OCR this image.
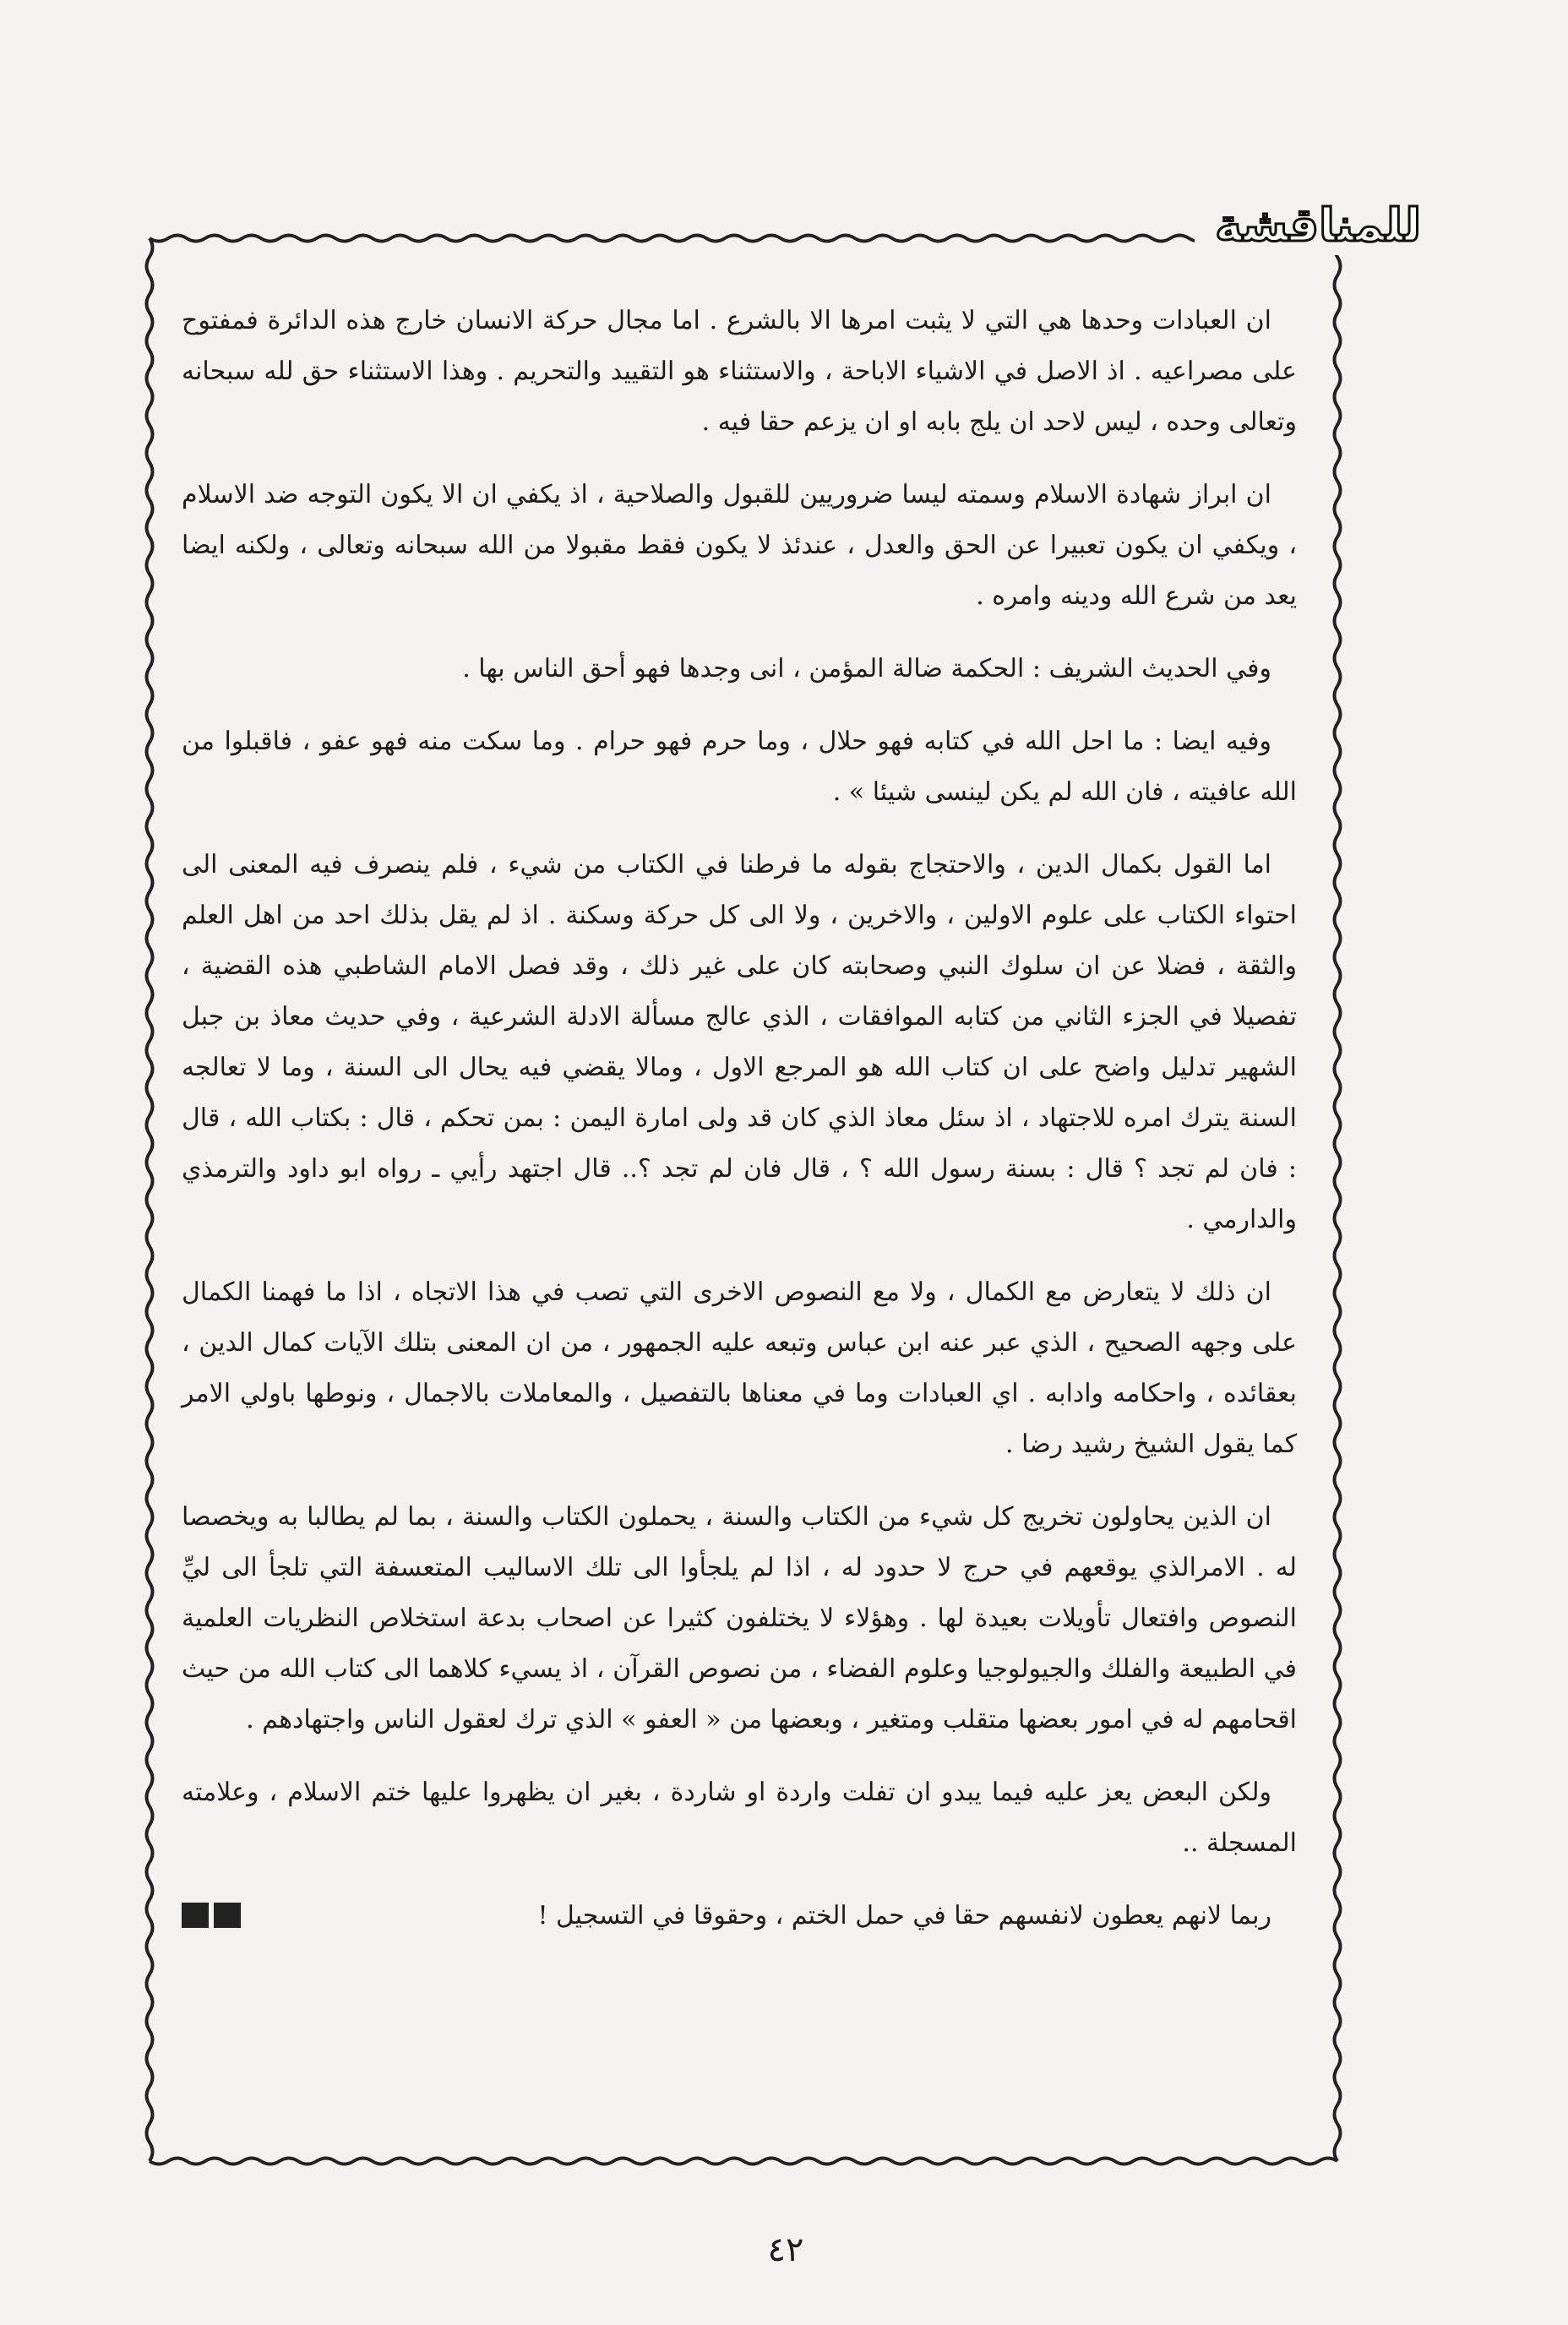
للمناقشة

ان العبادات وحدها هي التي لا يثبت امرها الا بالشرع . اما مجال حركة الانسان خارج هذه الدائرة فمفتوح على مصراعيه . اذ الاصل في الاشياء الاباحة ، والاستثناء هو التقييد والتحريم . وهذا الاستثناء حق لله سبحانه وتعالى وحده ، ليس لاحد ان يلج بابه او ان يزعم حقا فيه .

ان ابراز شهادة الاسلام وسمته ليسا ضروريين للقبول والصلاحية ، اذ يكفي ان الا يكون التوجه ضد الاسلام ، ويكفي ان يكون تعبيرا عن الحق والعدل ، عندئذ لا يكون فقط مقبولا من الله سبحانه وتعالى ، ولكنه ايضا يعد من شرع الله ودينه وامره .

وفي الحديث الشريف : الحكمة ضالة المؤمن ، انى وجدها فهو أحق الناس بها .

وفيه ايضا : ما احل الله في كتابه فهو حلال ، وما حرم فهو حرام . وما سكت منه فهو عفو ، فاقبلوا من الله عافيته ، فان الله لم يكن لينسى شيئا » .

اما القول بكمال الدين ، والاحتجاج بقوله ما فرطنا في الكتاب من شيء ، فلم ينصرف فيه المعنى الى احتواء الكتاب على علوم الاولين ، والاخرين ، ولا الى كل حركة وسكنة . اذ لم يقل بذلك احد من اهل العلم والثقة ، فضلا عن ان سلوك النبي وصحابته كان على غير ذلك ، وقد فصل الامام الشاطبي هذه القضية ، تفصيلا في الجزء الثاني من كتابه الموافقات ، الذي عالج مسألة الادلة الشرعية ، وفي حديث معاذ بن جبل الشهير تدليل واضح على ان كتاب الله هو المرجع الاول ، ومالا يقضي فيه يحال الى السنة ، وما لا تعالجه السنة يترك امره للاجتهاد ، اذ سئل معاذ الذي كان قد ولى امارة اليمن : بمن تحكم ، قال : بكتاب الله ، قال : فان لم تجد ؟ قال : بسنة رسول الله ؟ ، قال فان لم تجد ؟.. قال اجتهد رأيي ـ رواه ابو داود والترمذي والدارمي .

ان ذلك لا يتعارض مع الكمال ، ولا مع النصوص الاخرى التي تصب في هذا الاتجاه ، اذا ما فهمنا الكمال على وجهه الصحيح ، الذي عبر عنه ابن عباس وتبعه عليه الجمهور ، من ان المعنى بتلك الآيات كمال الدين ، بعقائده ، واحكامه وادابه . اي العبادات وما في معناها بالتفصيل ، والمعاملات بالاجمال ، ونوطها باولي الامر كما يقول الشيخ رشيد رضا .

ان الذين يحاولون تخريج كل شيء من الكتاب والسنة ، يحملون الكتاب والسنة ، بما لم يطالبا به ويخصصا له . الامرالذي يوقعهم في حرج لا حدود له ، اذا لم يلجأوا الى تلك الاساليب المتعسفة التي تلجأ الى ليِّ النصوص وافتعال تأويلات بعيدة لها . وهؤلاء لا يختلفون كثيرا عن اصحاب بدعة استخلاص النظريات العلمية في الطبيعة والفلك والجيولوجيا وعلوم الفضاء ، من نصوص القرآن ، اذ يسيء كلاهما الى كتاب الله من حيث اقحامهم له في امور بعضها متقلب ومتغير ، وبعضها من « العفو » الذي ترك لعقول الناس واجتهادهم .

ولكن البعض يعز عليه فيما يبدو ان تفلت واردة او شاردة ، بغير ان يظهروا عليها ختم الاسلام ، وعلامته المسجلة ..

ربما لانهم يعطون لانفسهم حقا في حمل الختم ، وحقوقا في التسجيل !
٤٢
